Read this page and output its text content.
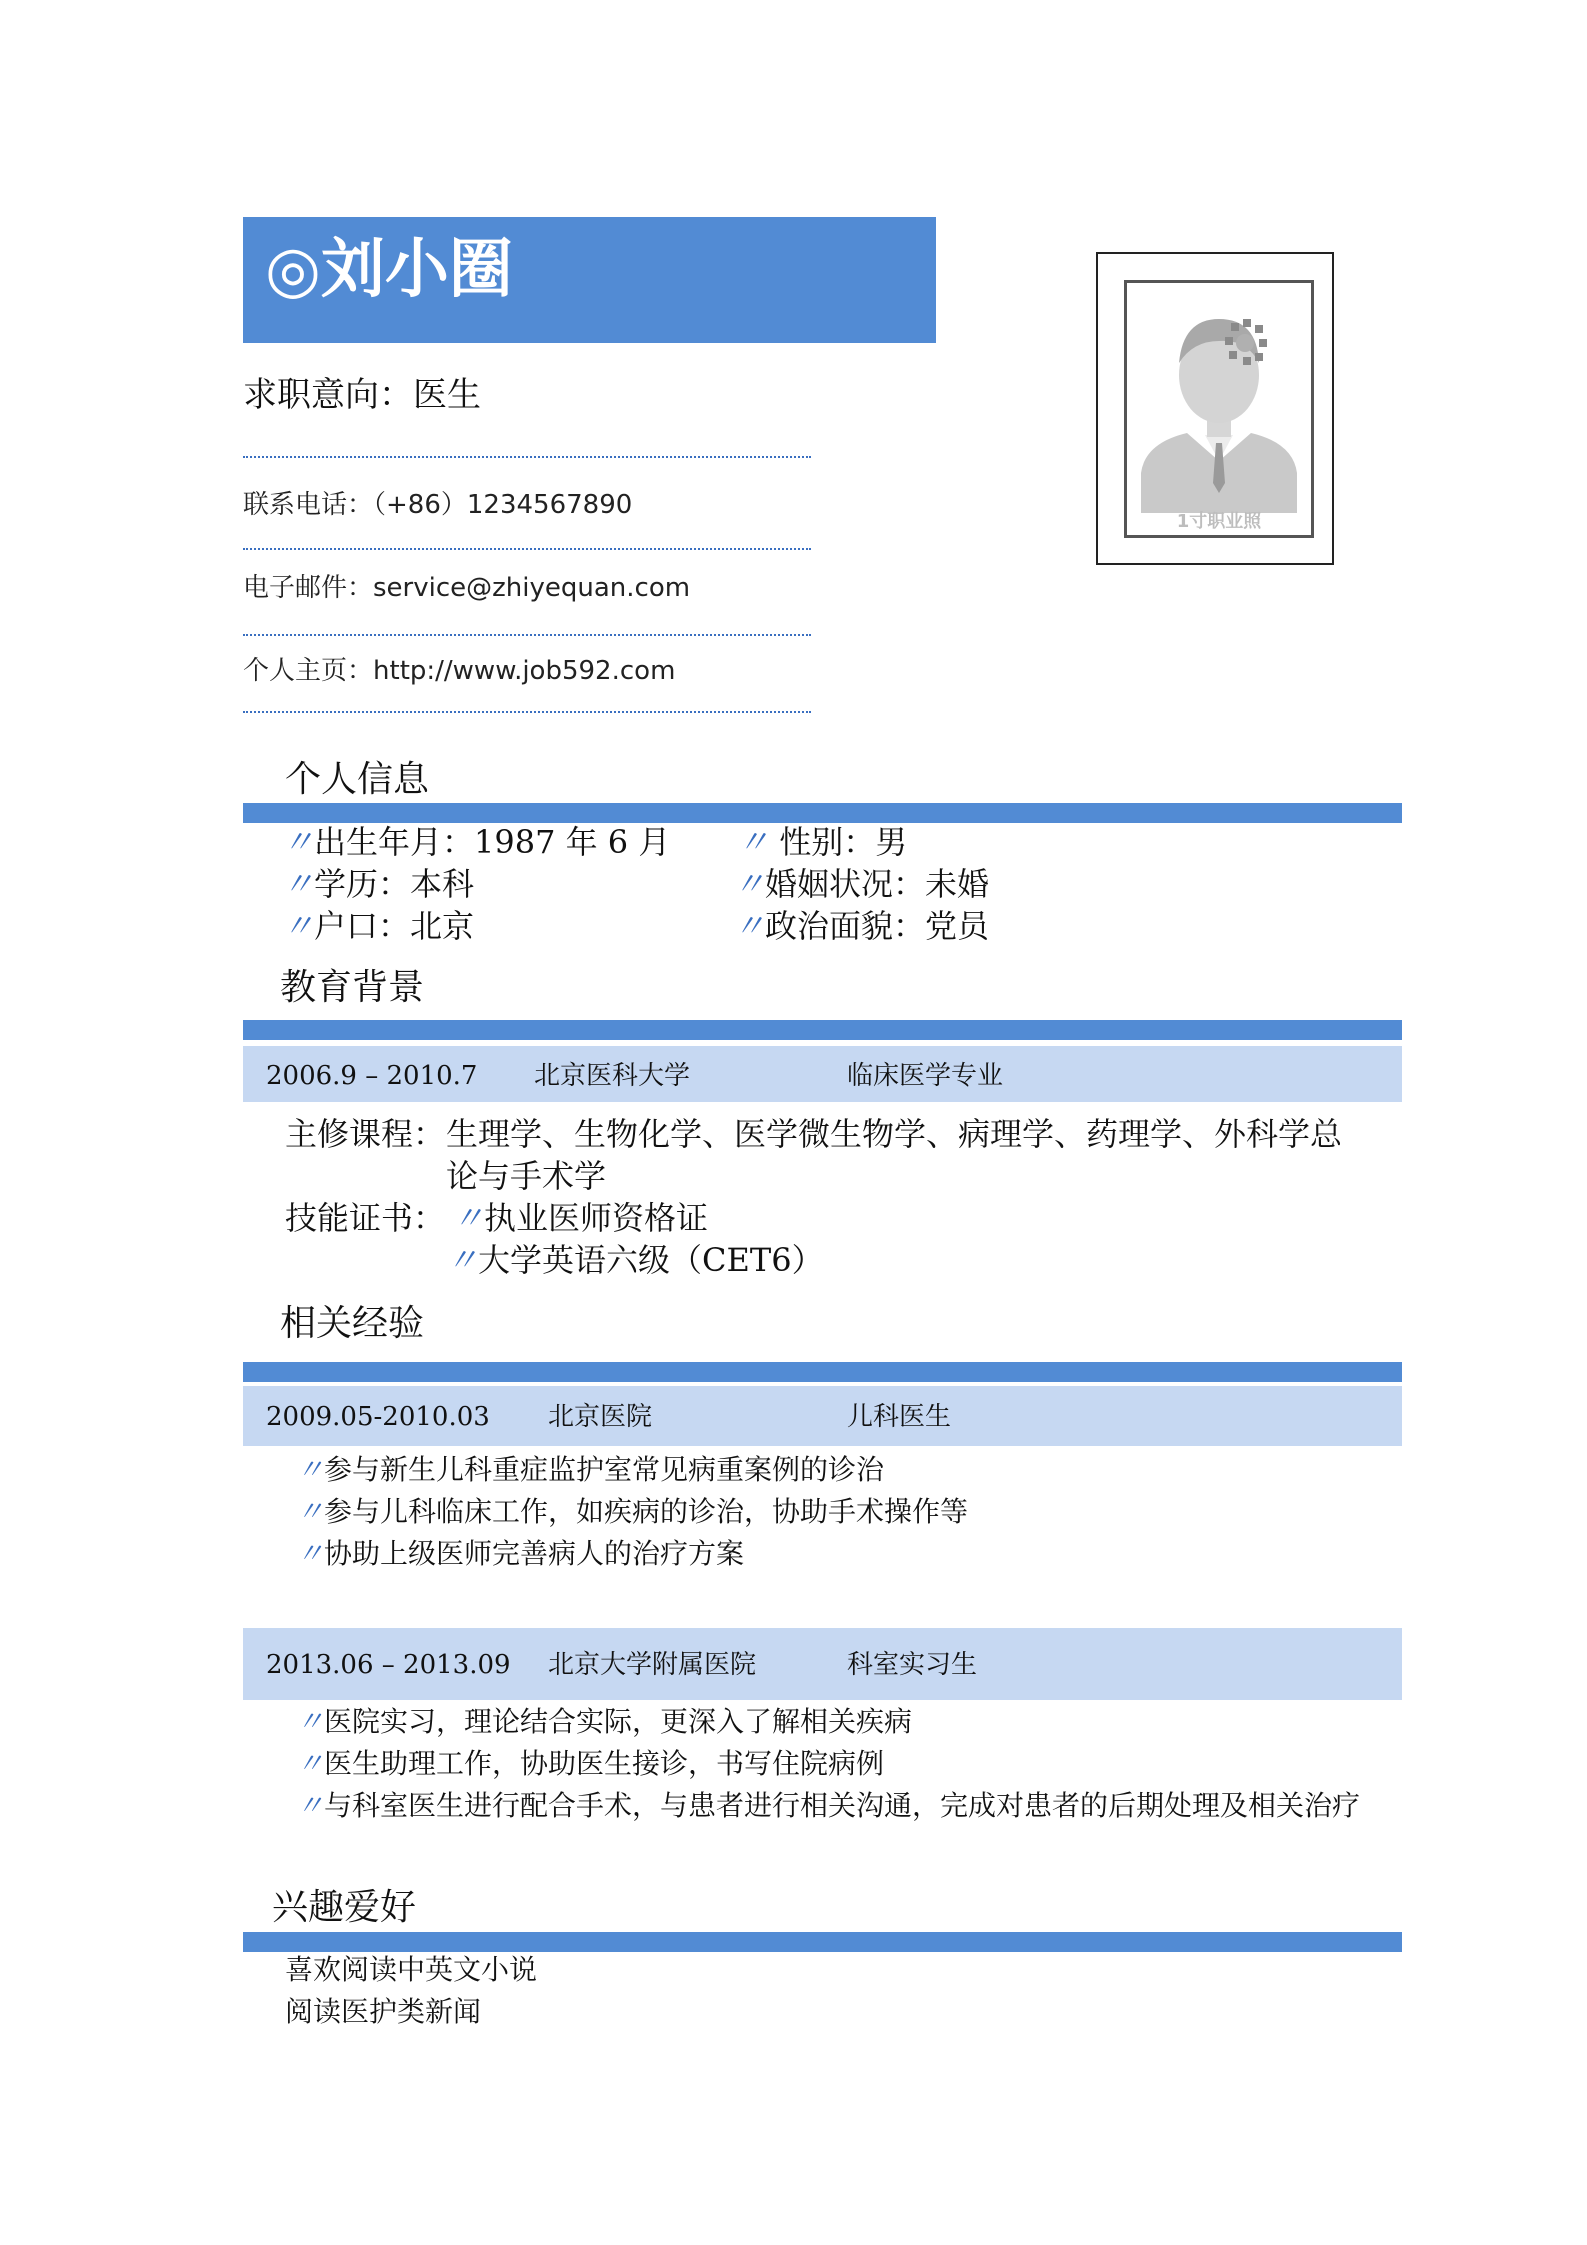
◎刘小圈
求职意向：医生
联系电话：（+86）1234567890
电子邮件：service@zhiyequan.com
个人主页：http://www.job592.com
1寸职业照
个人信息
〃出生年月：1987 年 6 月 〃 性别：男
〃学历：本科	〃婚姻状况：未婚
〃户口：北京	〃政治面貌：党员
教育背景
2006.9 – 2010.7 北京医科大学	临床医学专业
主修课程： 生理学、生物化学、医学微生物学、病理学、药理学、外科学总
论与手术学
技能证书： 〃执业医师资格证
〃大学英语六级（CET6）
相关经验
2009.05-2010.03 北京医院	儿科医生
〃参与新生儿科重症监护室常见病重案例的诊治
〃参与儿科临床工作，如疾病的诊治，协助手术操作等
〃协助上级医师完善病人的治疗方案
2013.06 – 2013.09 北京大学附属医院	科室实习生
〃医院实习，理论结合实际，更深入了解相关疾病
〃医生助理工作，协助医生接诊，书写住院病例
〃与科室医生进行配合手术，与患者进行相关沟通，完成对患者的后期处理及相关治疗
兴趣爱好
喜欢阅读中英文小说
阅读医护类新闻
